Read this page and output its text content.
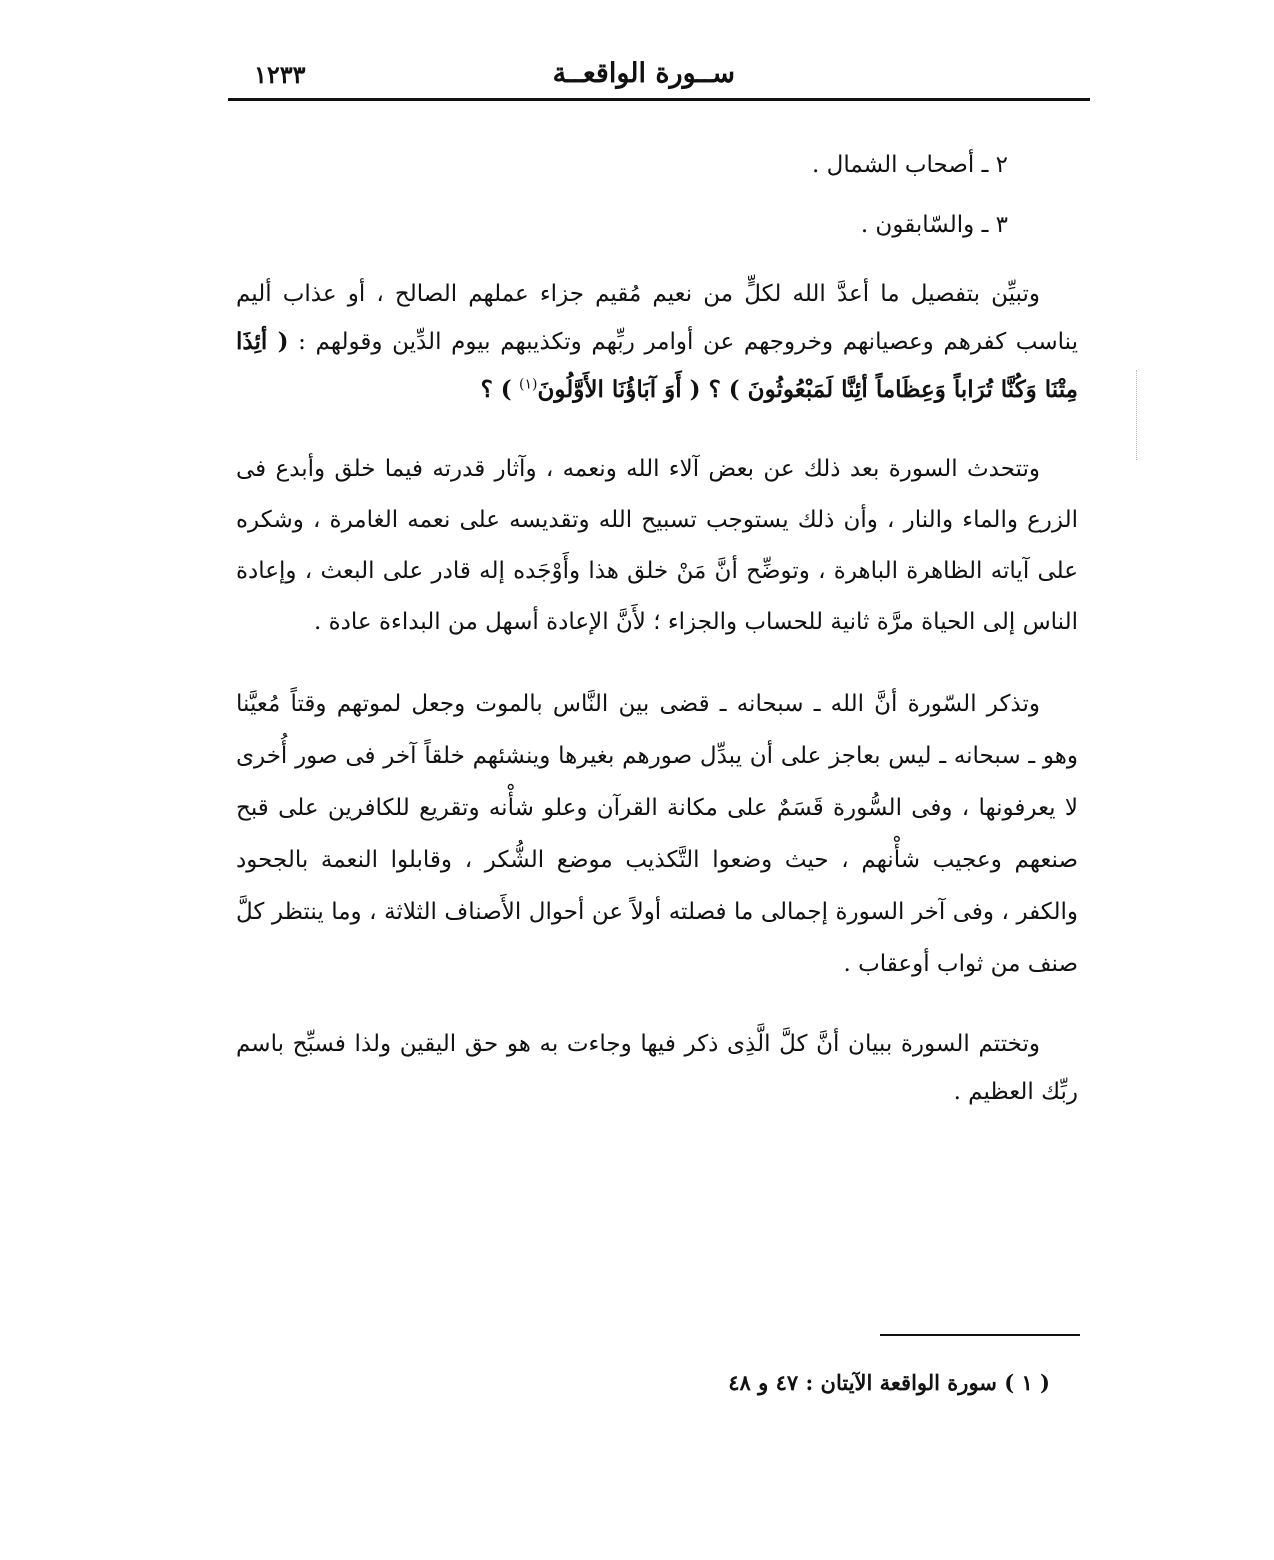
ســورة الواقعــة
١٢٣٣

٢ ـ أصحاب الشمال .

٣ ـ والسّابقون .

وتبيِّن بتفصيل ما أعدَّ الله لكلٍّ من نعيم مُقيم جزاء عملهم الصالح ، أو عذاب أليم يناسب كفرهم وعصيانهم وخروجهم عن أوامر ربِّهم وتكذيبهم بيوم الدِّين وقولهم : ( أئِذَا مِتْنَا وَكُنَّا تُرَاباً وَعِظَاماً أئِنَّا لَمَبْعُوثُونَ ) ؟ ( أَوَ آبَاؤُنَا الأَوَّلُونَ$^{(١)}$ ) ؟

وتتحدث السورة بعد ذلك عن بعض آلاء الله ونعمه ، وآثار قدرته فيما خلق وأبدع فى الزرع والماء والنار ، وأن ذلك يستوجب تسبيح الله وتقديسه على نعمه الغامرة ، وشكره على آياته الظاهرة الباهرة ، وتوضِّح أنَّ مَنْ خلق هذا وأَوْجَده إله قادر على البعث ، وإعادة الناس إلى الحياة مرَّة ثانية للحساب والجزاء ؛ لأَنَّ الإعادة أسهل من البداءة عادة .

وتذكر السّورة أنَّ الله ـ سبحانه ـ قضى بين النَّاس بالموت وجعل لموتهم وقتاً مُعيَّنا وهو ـ سبحانه ـ ليس بعاجز على أن يبدِّل صورهم بغيرها وينشئهم خلقاً آخر فى صور أُخرى لا يعرفونها ، وفى السُّورة قَسَمٌ على مكانة القرآن وعلو شأْنه وتقريع للكافرين على قبح صنعهم وعجيب شأْنهم ، حيث وضعوا التَّكذيب موضع الشُّكر ، وقابلوا النعمة بالجحود والكفر ، وفى آخر السورة إجمالى ما فصلته أولاً عن أحوال الأَصناف الثلاثة ، وما ينتظر كلَّ صنف من ثواب أوعقاب .

وتختتم السورة ببيان أنَّ كلَّ الَّذِى ذكر فيها وجاءت به هو حق اليقين ولذا فسبِّح باسم ربِّك العظيم .

( ١ ) سورة الواقعة الآيتان : ٤٧ و ٤٨
